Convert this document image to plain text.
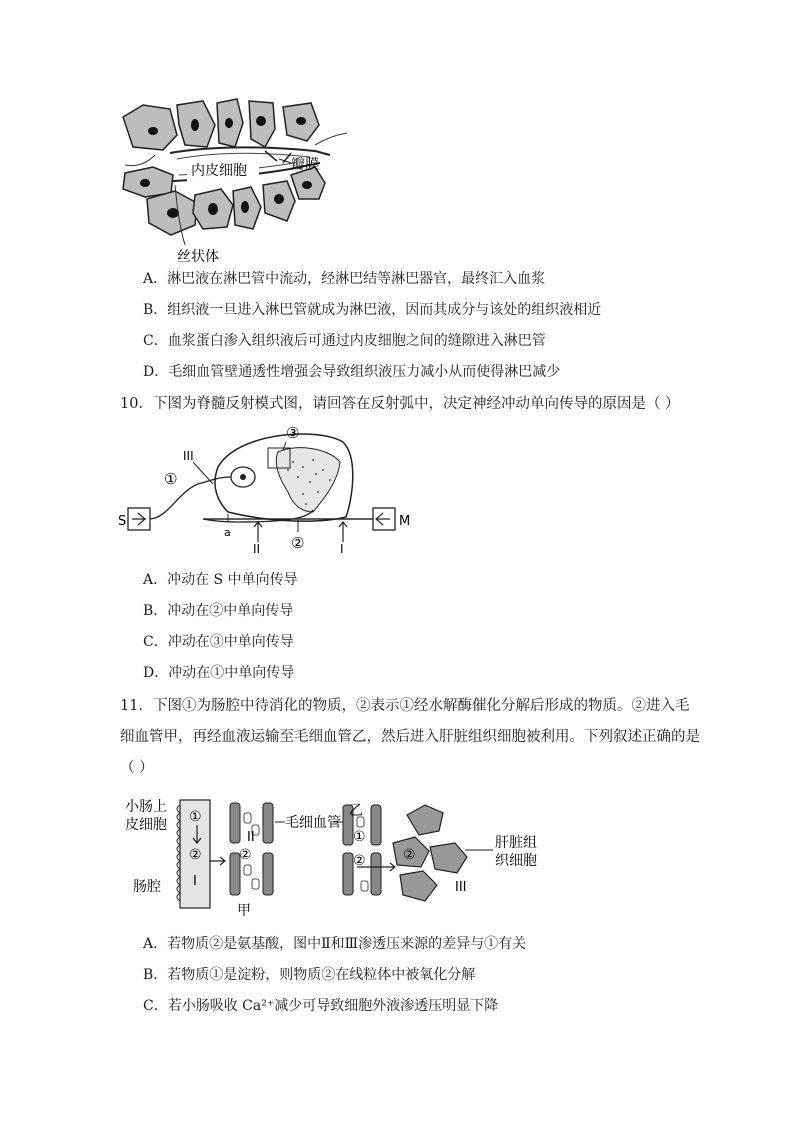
内皮细胞	瓣膜
丝状体
A．淋巴液在淋巴管中流动，经淋巴结等淋巴器官，最终汇入血浆
B．组织液一旦进入淋巴管就成为淋巴液，因而其成分与该处的组织液相近
C．血浆蛋白渗入组织液后可通过内皮细胞之间的缝隙进入淋巴管
D．毛细血管壁通透性增强会导致组织液压力减小从而使得淋巴减少
10．下图为脊髓反射模式图，请回答在反射弧中，决定神经冲动单向传导的原因是（ ）
S	M
a
III
①
②
③
II	I
A．冲动在 S 中单向传导
B．冲动在②中单向传导
C．冲动在③中单向传导
D．冲动在①中单向传导
11．下图①为肠腔中待消化的物质，②表示①经水解酶催化分解后形成的物质。②进入毛
细血管甲，再经血液运输至毛细血管乙，然后进入肝脏组织细胞被利用。下列叙述正确的是
（ ）
小肠上
皮细胞
肠腔
①
②
I
II
②
毛细血管
甲
乙
①
②	②
III
肝脏组
织细胞
A．若物质②是氨基酸，图中Ⅱ和Ⅲ渗透压来源的差异与①有关
B．若物质①是淀粉，则物质②在线粒体中被氧化分解
C．若小肠吸收 Ca²⁺减少可导致细胞外液渗透压明显下降
